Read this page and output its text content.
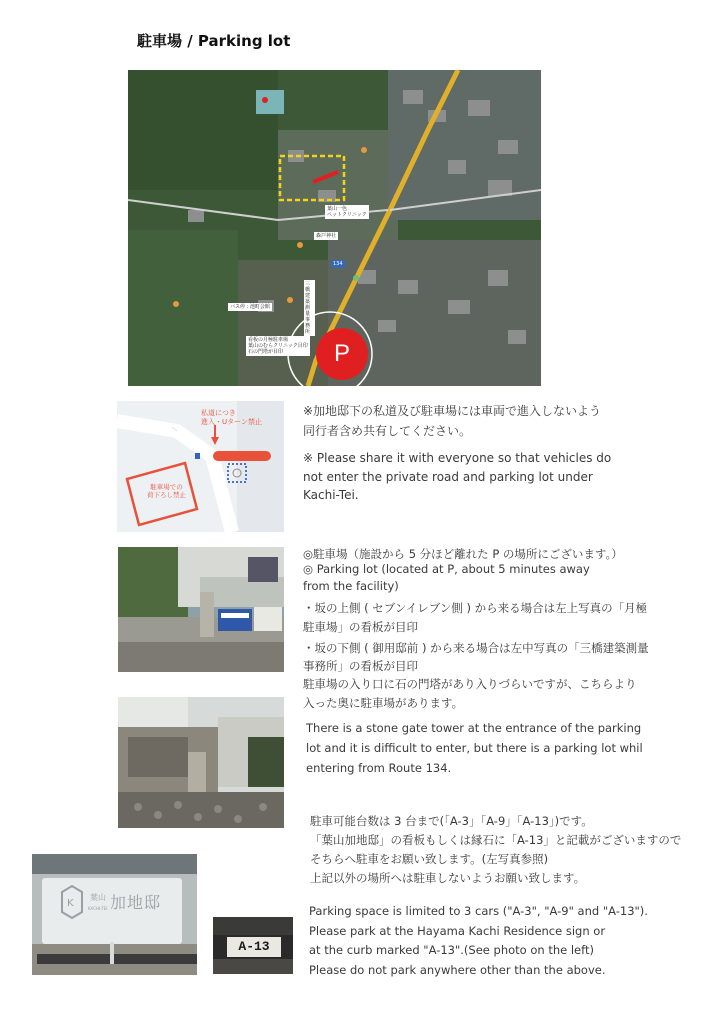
駐車場 / Parking lot
葉山一色
ペットクリニック
森戸神社
134
バス停 : 池町会館
三橋建築測量事務所
看板の月極駐車場
葉山のむらクリニック目印
石の門塔が目印	P
私道につき
進入・Uターン禁止
駐車場での
荷下ろし禁止
K
葉山
KACHI-TEI 加地邸
A-13
※加地邸下の私道及び駐車場には車両で進入しないよう
同行者含め共有してください。
※ Please share it with everyone so that vehicles do
not enter the private road and parking lot under
Kachi-Tei.
◎駐車場（施設から 5 分ほど離れた P の場所にございます。）
◎ Parking lot (located at P, about 5 minutes away
from the facility)
・坂の上側 ( セブンイレブン側 ) から来る場合は左上写真の「月極
駐車場」の看板が目印
・坂の下側 ( 御用邸前 ) から来る場合は左中写真の「三橋建築測量
事務所」の看板が目印
駐車場の入り口に石の門塔があり入りづらいですが、こちらより
入った奥に駐車場があります。
There is a stone gate tower at the entrance of the parking
lot and it is difficult to enter, but there is a parking lot whil
entering from Route 134.
駐車可能台数は 3 台まで(「A-3」「A-9」「A-13」)です。
「葉山加地邸」の看板もしくは縁石に「A-13」と記載がございますので
そちらへ駐車をお願い致します。(左写真参照)
上記以外の場所へは駐車しないようお願い致します。
Parking space is limited to 3 cars ("A-3", "A-9" and "A-13").
Please park at the Hayama Kachi Residence sign or
at the curb marked "A-13".(See photo on the left)
Please do not park anywhere other than the above.
